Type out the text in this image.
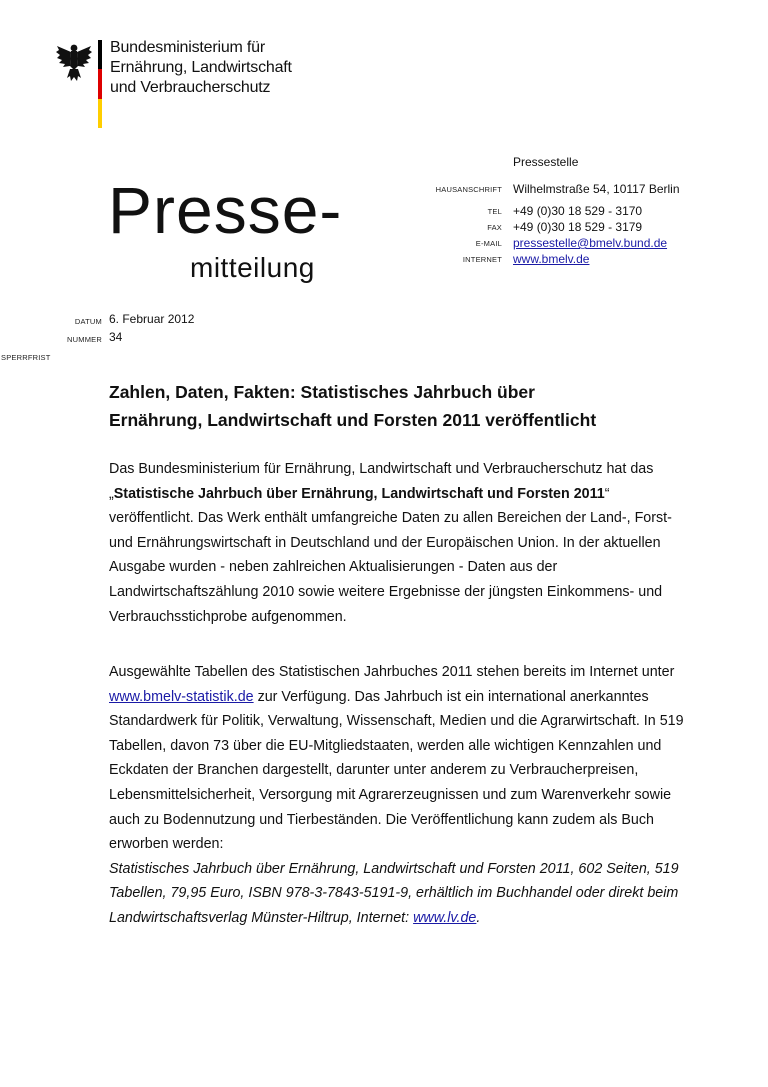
Bundesministerium für
Ernährung, Landwirtschaft
und Verbraucherschutz
Presse-
mitteilung
Pressestelle
HAUSANSCHRIFT Wilhelmstraße 54, 10117 Berlin
TEL +49 (0)30 18 529 - 3170
FAX +49 (0)30 18 529 - 3179
E-MAIL pressestelle@bmelv.bund.de
INTERNET www.bmelv.de
DATUM 6. Februar 2012
NUMMER 34
SPERRFRIST
Zahlen, Daten, Fakten: Statistisches Jahrbuch über
Ernährung, Landwirtschaft und Forsten 2011 veröffentlicht
Das Bundesministerium für Ernährung, Landwirtschaft und Verbraucherschutz hat das
„Statistische Jahrbuch über Ernährung, Landwirtschaft und Forsten 2011“
veröffentlicht. Das Werk enthält umfangreiche Daten zu allen Bereichen der Land-, Forst-
und Ernährungswirtschaft in Deutschland und der Europäischen Union. In der aktuellen
Ausgabe wurden - neben zahlreichen Aktualisierungen - Daten aus der
Landwirtschaftszählung 2010 sowie weitere Ergebnisse der jüngsten Einkommens- und
Verbrauchsstichprobe aufgenommen.
Ausgewählte Tabellen des Statistischen Jahrbuches 2011 stehen bereits im Internet unter
www.bmelv-statistik.de zur Verfügung. Das Jahrbuch ist ein international anerkanntes
Standardwerk für Politik, Verwaltung, Wissenschaft, Medien und die Agrarwirtschaft. In 519
Tabellen, davon 73 über die EU-Mitgliedstaaten, werden alle wichtigen Kennzahlen und
Eckdaten der Branchen dargestellt, darunter unter anderem zu Verbraucherpreisen,
Lebensmittelsicherheit, Versorgung mit Agrarerzeugnissen und zum Warenverkehr sowie
auch zu Bodennutzung und Tierbeständen. Die Veröffentlichung kann zudem als Buch
erworben werden:
Statistisches Jahrbuch über Ernährung, Landwirtschaft und Forsten 2011, 602 Seiten, 519
Tabellen, 79,95 Euro, ISBN 978-3-7843-5191-9, erhältlich im Buchhandel oder direkt beim
Landwirtschaftsverlag Münster-Hiltrup, Internet: www.lv.de.
